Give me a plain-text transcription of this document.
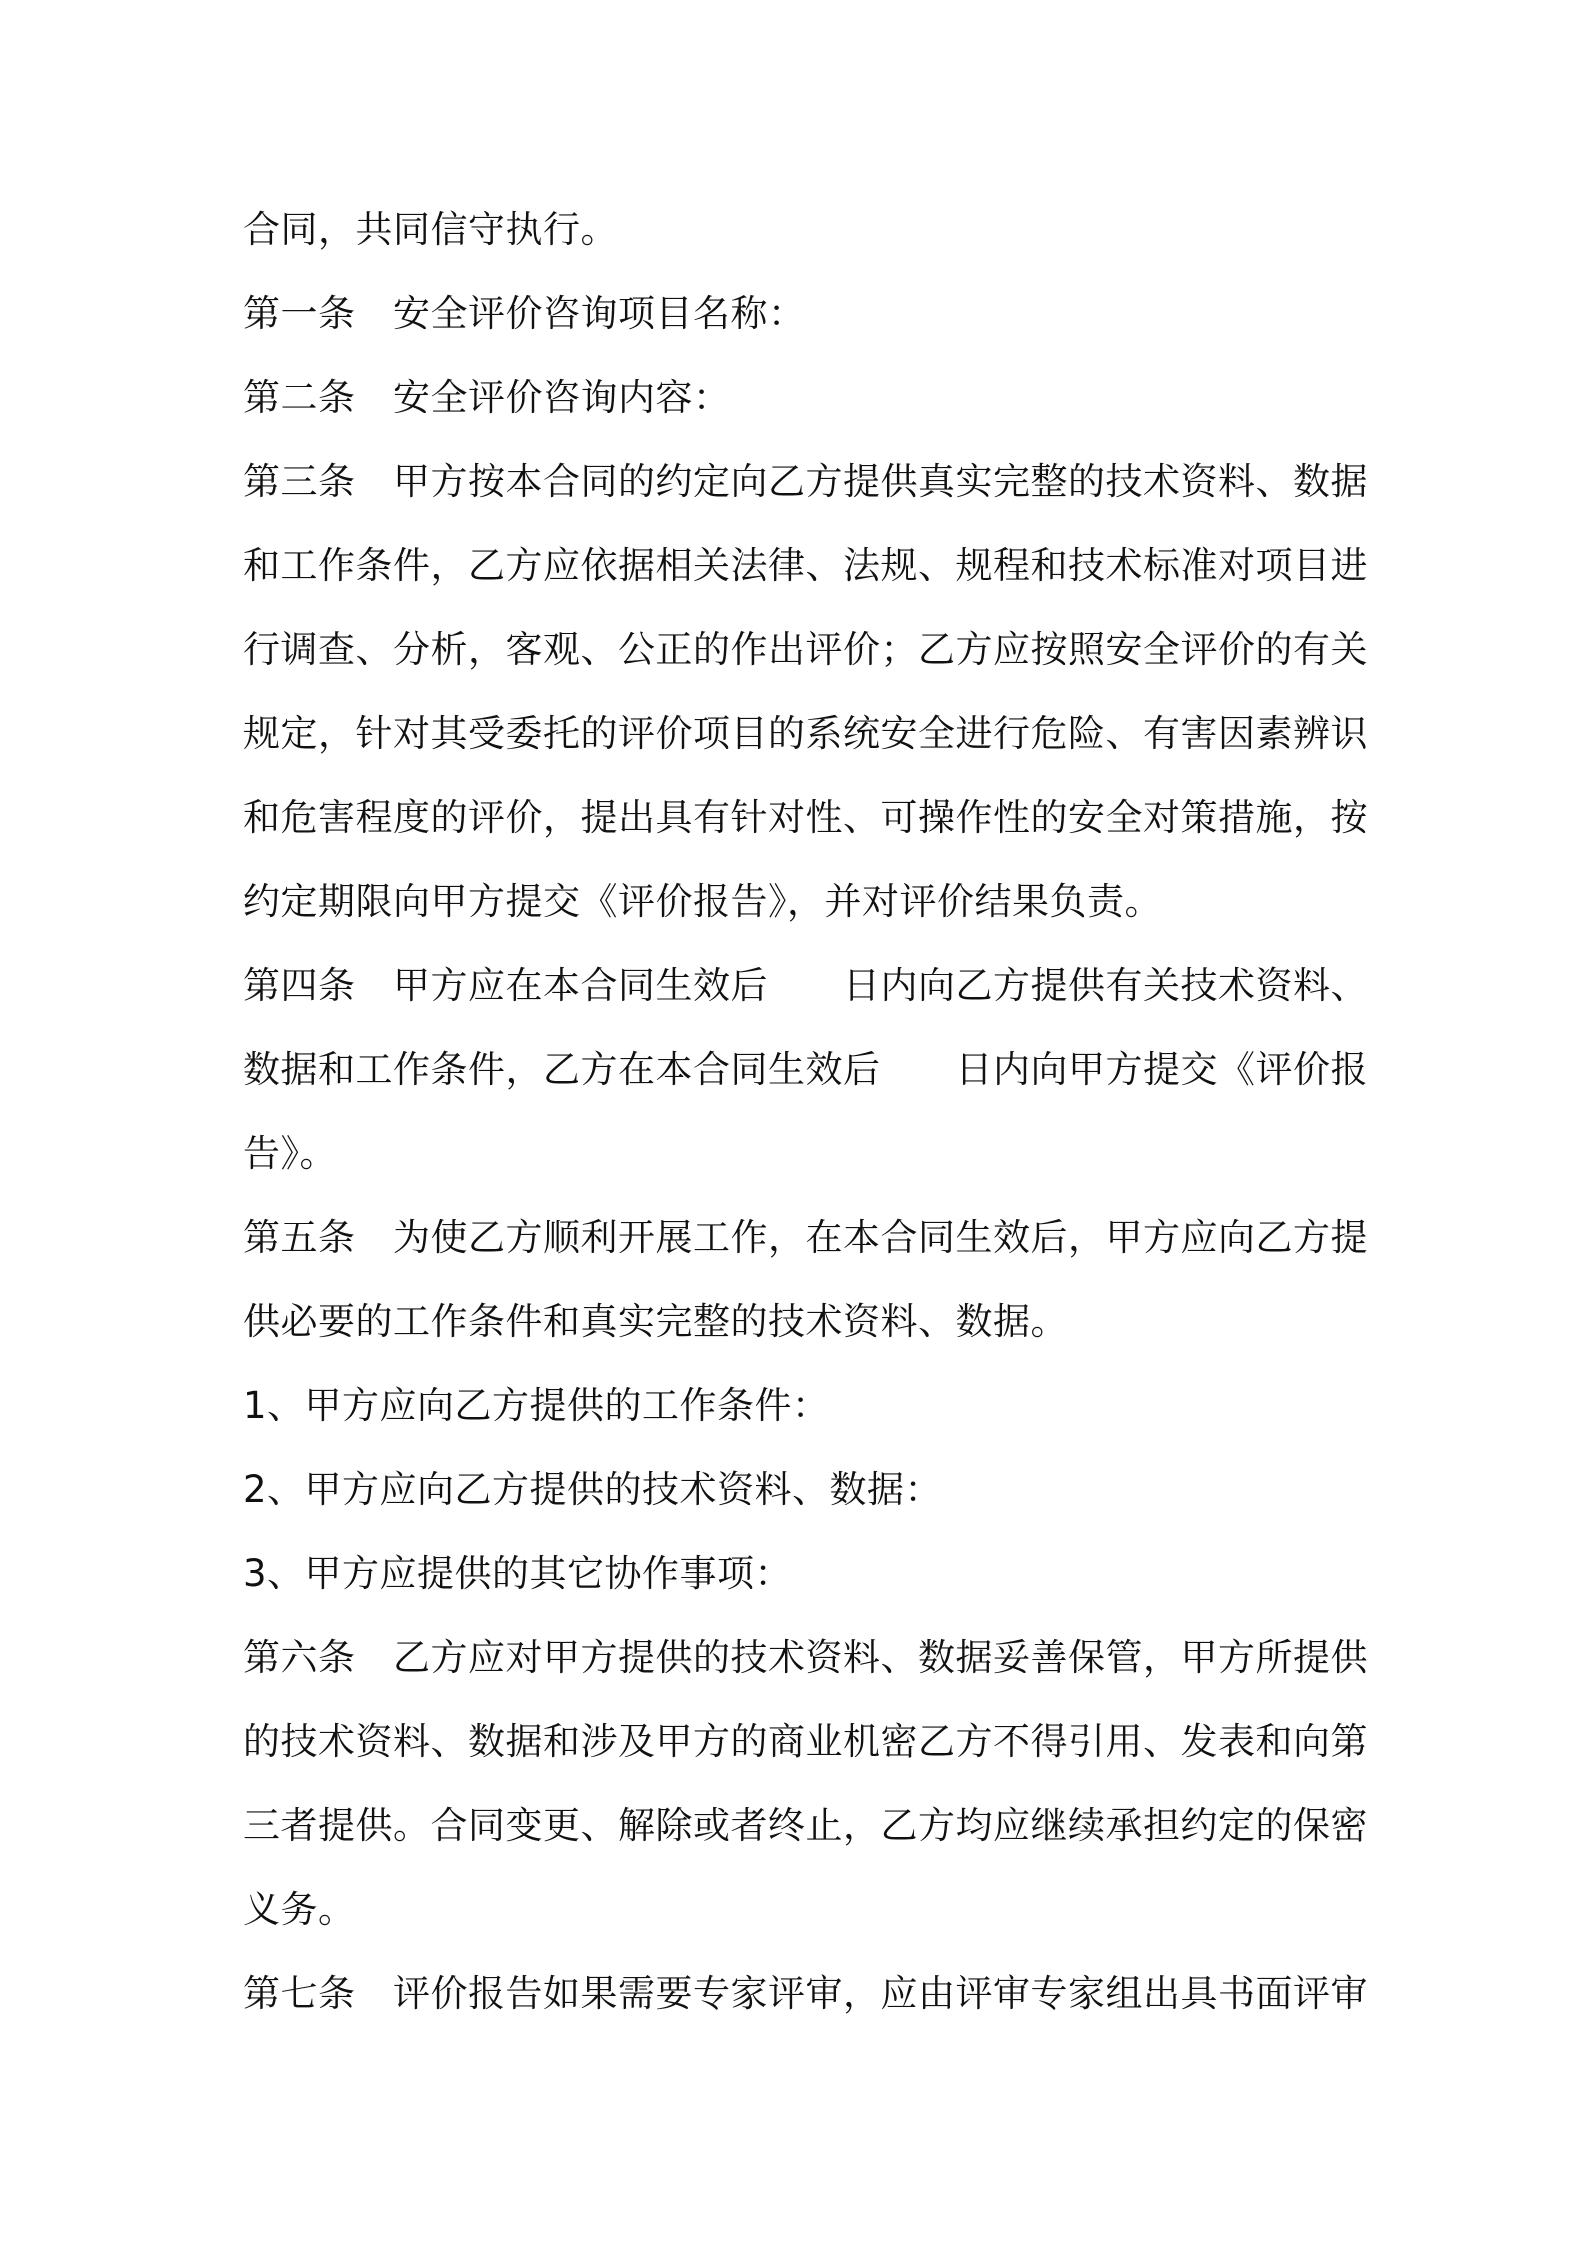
合同，共同信守执行。
第一条　安全评价咨询项目名称：
第二条　安全评价咨询内容：
第三条　甲方按本合同的约定向乙方提供真实完整的技术资料、数据
和工作条件，乙方应依据相关法律、法规、规程和技术标准对项目进
行调查、分析，客观、公正的作出评价；乙方应按照安全评价的有关
规定，针对其受委托的评价项目的系统安全进行危险、有害因素辨识
和危害程度的评价，提出具有针对性、可操作性的安全对策措施，按
约定期限向甲方提交《评价报告》，并对评价结果负责。
第四条　甲方应在本合同生效后　　日内向乙方提供有关技术资料、
数据和工作条件，乙方在本合同生效后　　日内向甲方提交《评价报
告》。
第五条　为使乙方顺利开展工作，在本合同生效后，甲方应向乙方提
供必要的工作条件和真实完整的技术资料、数据。
1、甲方应向乙方提供的工作条件：
2、甲方应向乙方提供的技术资料、数据：
3、甲方应提供的其它协作事项：
第六条　乙方应对甲方提供的技术资料、数据妥善保管，甲方所提供
的技术资料、数据和涉及甲方的商业机密乙方不得引用、发表和向第
三者提供。合同变更、解除或者终止，乙方均应继续承担约定的保密
义务。
第七条　评价报告如果需要专家评审，应由评审专家组出具书面评审
